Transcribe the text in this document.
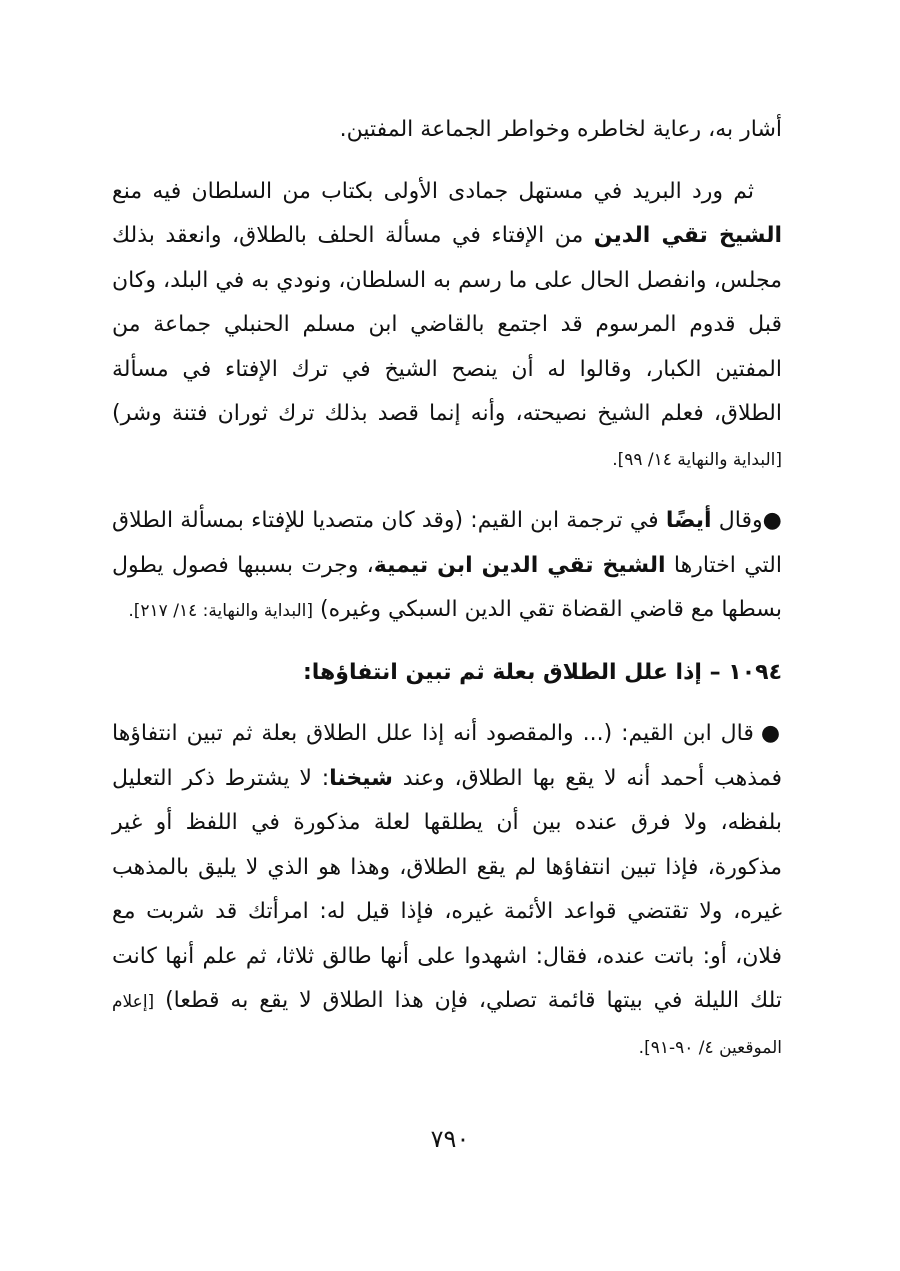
أشار به، رعاية لخاطره وخواطر الجماعة المفتين.

ثم ورد البريد في مستهل جمادى الأولى بكتاب من السلطان فيه منع الشيخ تقي الدين من الإفتاء في مسألة الحلف بالطلاق، وانعقد بذلك مجلس، وانفصل الحال على ما رسم به السلطان، ونودي به في البلد، وكان قبل قدوم المرسوم قد اجتمع بالقاضي ابن مسلم الحنبلي جماعة من المفتين الكبار، وقالوا له أن ينصح الشيخ في ترك الإفتاء في مسألة الطلاق، فعلم الشيخ نصيحته، وأنه إنما قصد بذلك ترك ثوران فتنة وشر) [البداية والنهاية ١٤/ ٩٩].

●وقال أيضًا في ترجمة ابن القيم: (وقد كان متصديا للإفتاء بمسألة الطلاق التي اختارها الشيخ تقي الدين ابن تيمية، وجرت بسببها فصول يطول بسطها مع قاضي القضاة تقي الدين السبكي وغيره) [البداية والنهاية: ١٤/ ٢١٧].

١٠٩٤ – إذا علل الطلاق بعلة ثم تبين انتفاؤها:

● قال ابن القيم: (... والمقصود أنه إذا علل الطلاق بعلة ثم تبين انتفاؤها فمذهب أحمد أنه لا يقع بها الطلاق، وعند شيخنا: لا يشترط ذكر التعليل بلفظه، ولا فرق عنده بين أن يطلقها لعلة مذكورة في اللفظ أو غير مذكورة، فإذا تبين انتفاؤها لم يقع الطلاق، وهذا هو الذي لا يليق بالمذهب غيره، ولا تقتضي قواعد الأئمة غيره، فإذا قيل له: امرأتك قد شربت مع فلان، أو: باتت عنده، فقال: اشهدوا على أنها طالق ثلاثا، ثم علم أنها كانت تلك الليلة في بيتها قائمة تصلي، فإن هذا الطلاق لا يقع به قطعا) [إعلام الموقعين ٤/ ٩٠-٩١].

٧٩٠
